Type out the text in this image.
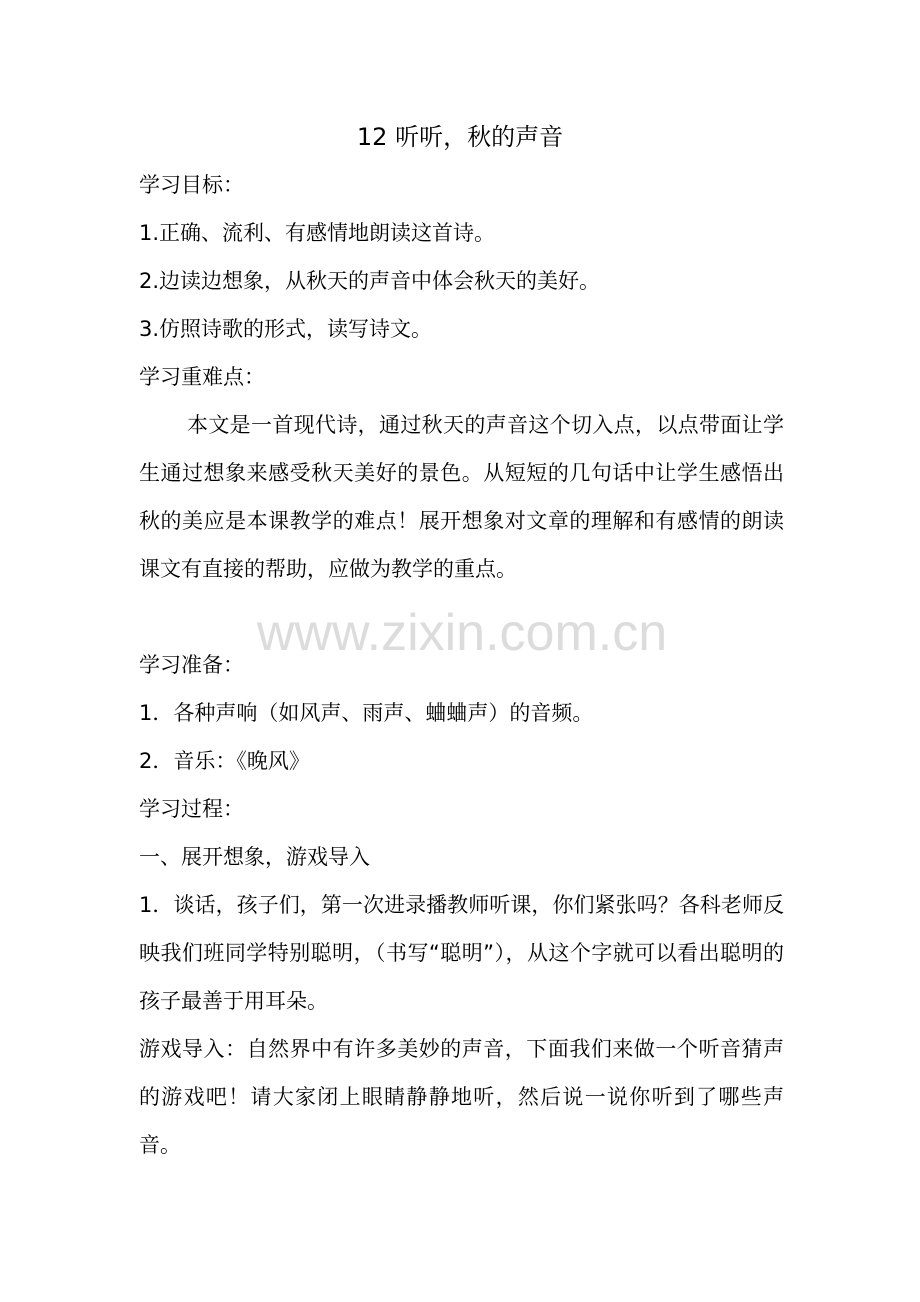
12 听听，秋的声音
学习目标：
1.正确、流利、有感情地朗读这首诗。
2.边读边想象，从秋天的声音中体会秋天的美好。
3.仿照诗歌的形式，读写诗文。
学习重难点：
本文是一首现代诗，通过秋天的声音这个切入点，以点带面让学生通过想象来感受秋天美好的景色。从短短的几句话中让学生感悟出秋的美应是本课教学的难点！展开想象对文章的理解和有感情的朗读课文有直接的帮助，应做为教学的重点。
学习准备：
1．各种声响（如风声、雨声、蛐蛐声）的音频。
2．音乐：《晚风》
学习过程：
一、展开想象，游戏导入
1．谈话，孩子们，第一次进录播教师听课，你们紧张吗？各科老师反映我们班同学特别聪明，（书写“聪明”），从这个字就可以看出聪明的孩子最善于用耳朵。
游戏导入：自然界中有许多美妙的声音，下面我们来做一个听音猜声的游戏吧！请大家闭上眼睛静静地听，然后说一说你听到了哪些声音。
www.zixin.com.cn
